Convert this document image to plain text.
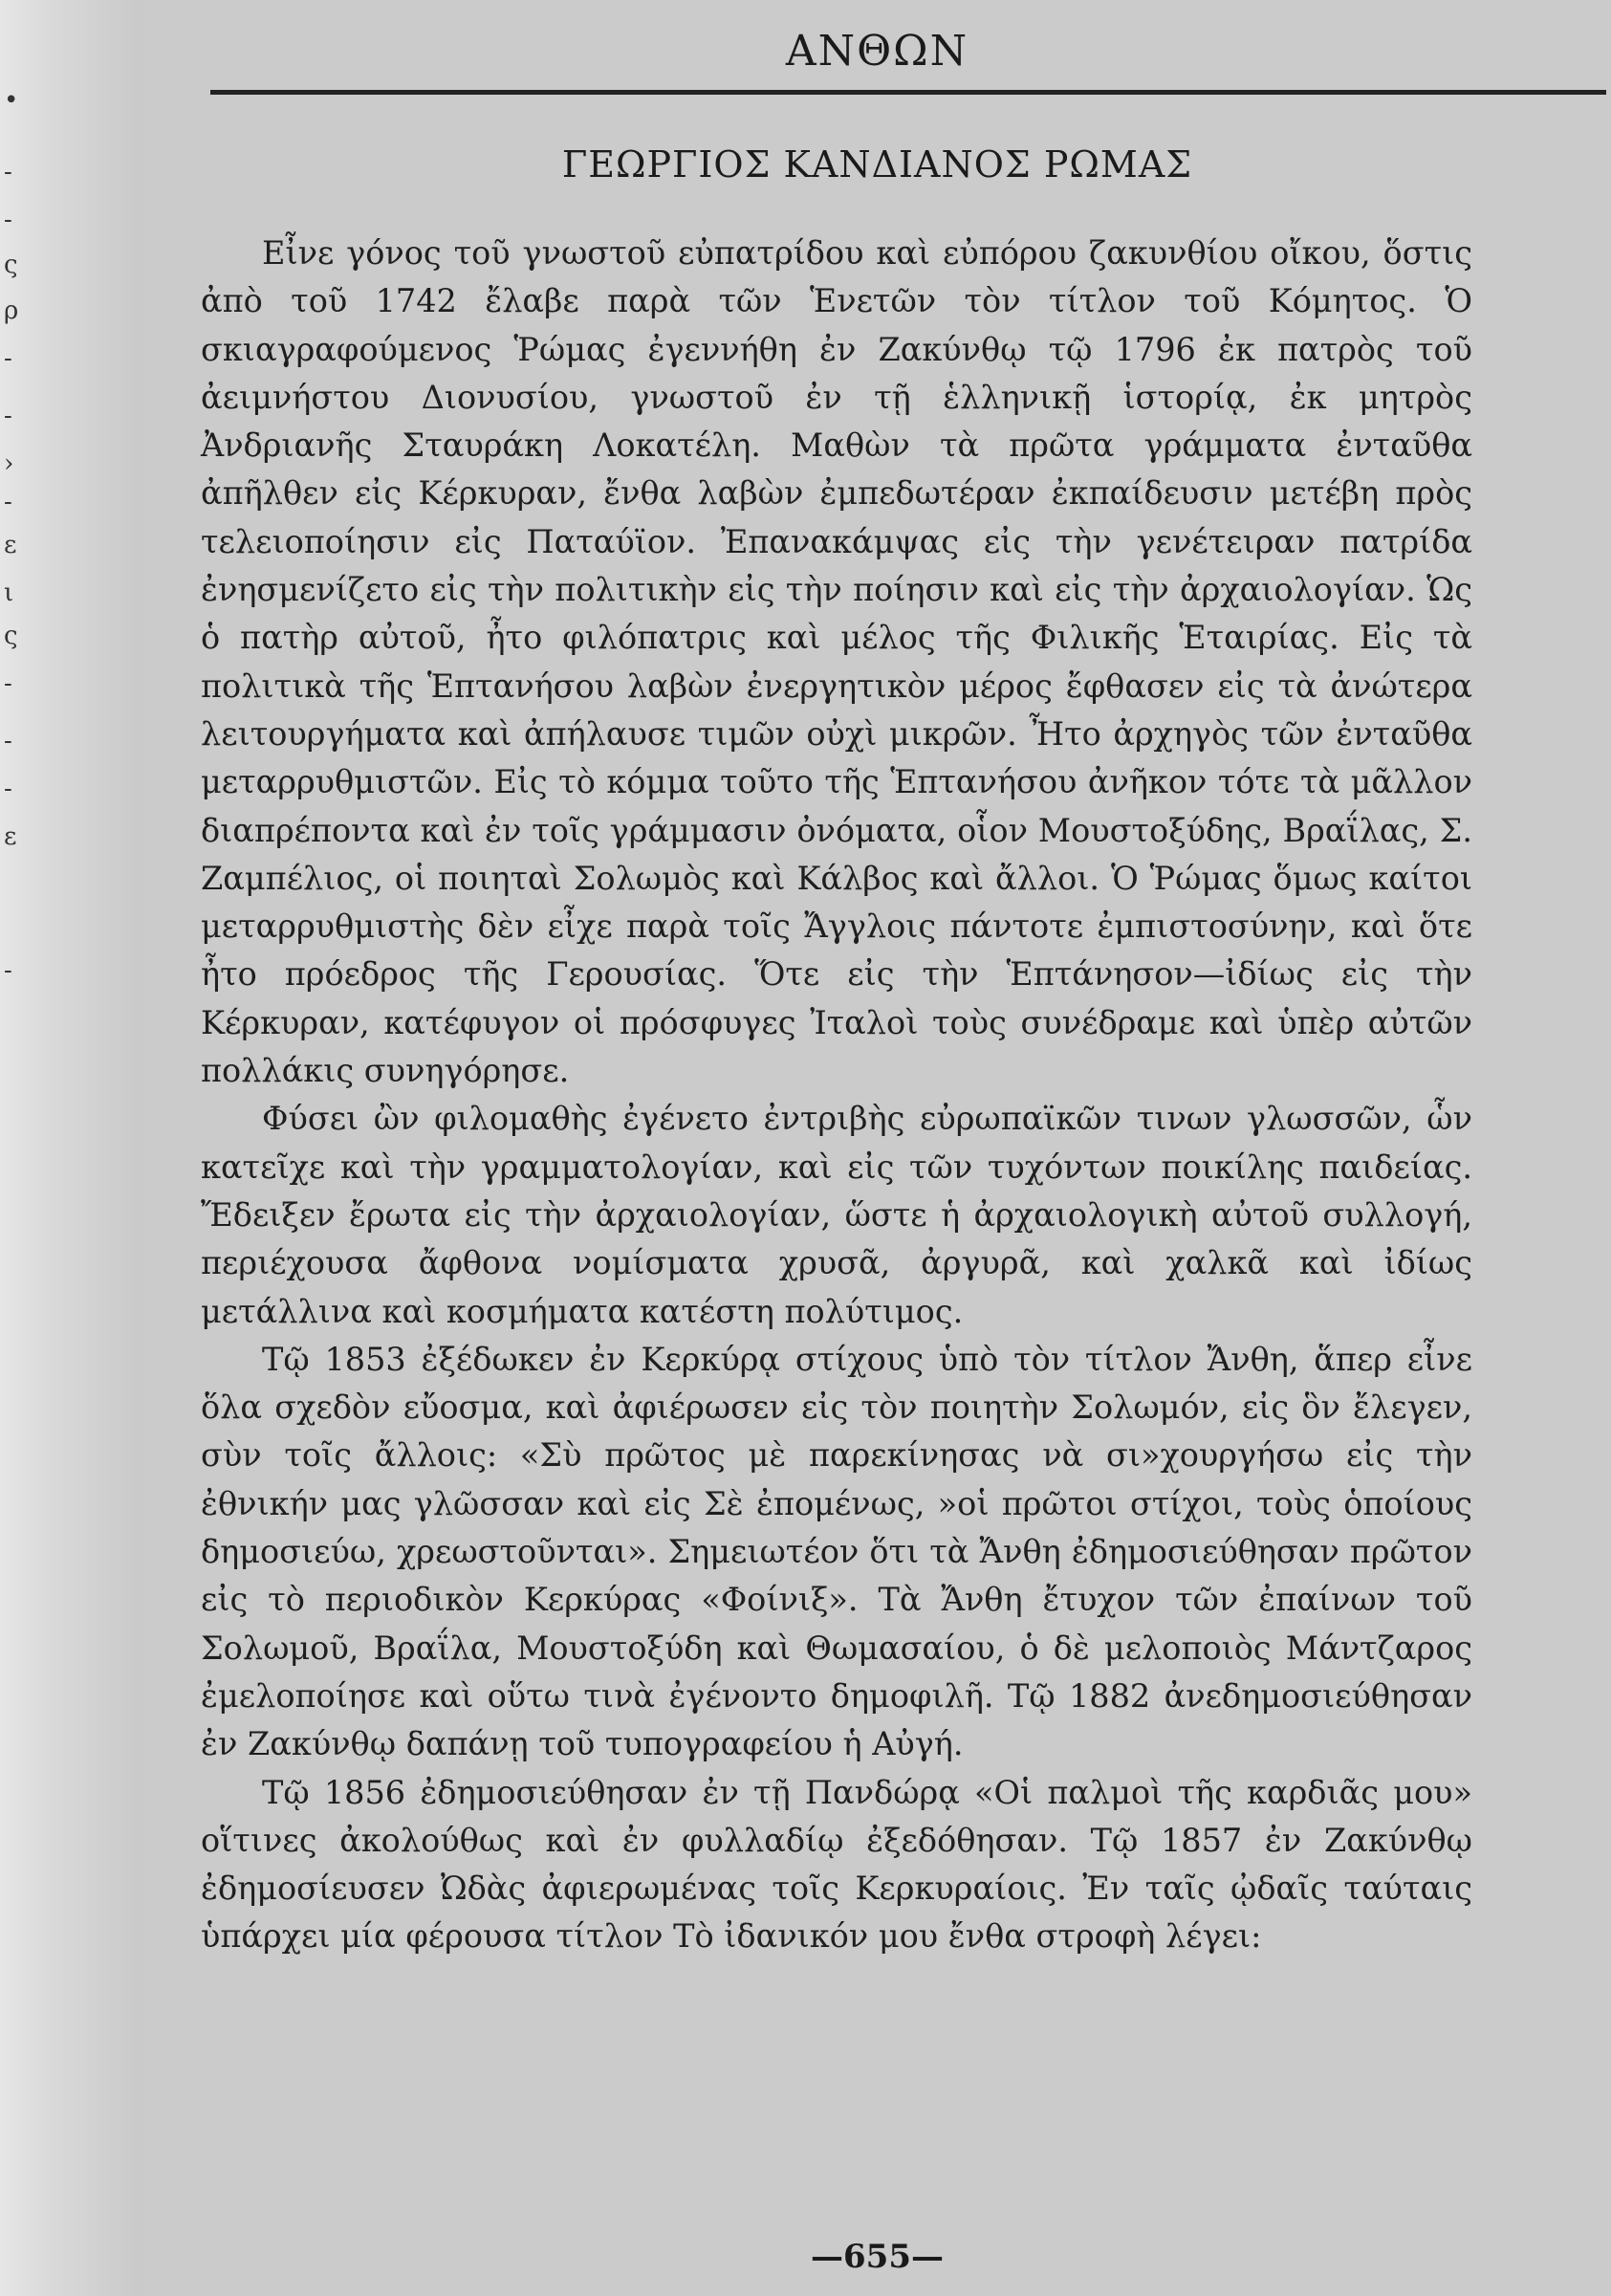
•
-
-
ς
ρ
-
-
›
-
ε
ι
ς
-
-
-
ε
-
ΑΝΘΩΝ
ΓΕΩΡΓΙΟΣ ΚΑΝΔΙΑΝΟΣ ΡΩΜΑΣ

Εἶνε γόνος τοῦ γνωστοῦ εὐπατρίδου καὶ εὐπόρου ζακυνθίου οἴκου, ὅστις ἀπὸ τοῦ 1742 ἔλαβε παρὰ τῶν Ἑνετῶν τὸν τίτλον τοῦ Κόμητος. Ὁ σκιαγραφούμενος Ῥώμας ἐγεννήθη ἐν Ζακύνθῳ τῷ 1796 ἐκ πατρὸς τοῦ ἀειμνήστου Διονυσίου, γνωστοῦ ἐν τῇ ἑλληνικῇ ἱστορίᾳ, ἐκ μητρὸς Ἀνδριανῆς Σταυράκη Λοκατέλη. Μαθὼν τὰ πρῶτα γράμματα ἐνταῦθα ἀπῆλθεν εἰς Κέρκυραν, ἔνθα λαβὼν ἐμπεδωτέραν ἐκπαίδευσιν μετέβη πρὸς τελειοποίησιν εἰς Παταύϊον. Ἐπανακάμψας εἰς τὴν γενέτειραν πατρίδα ἐνησμενίζετο εἰς τὴν πολιτικὴν εἰς τὴν ποίησιν καὶ εἰς τὴν ἀρχαιολογίαν. Ὡς ὁ πατὴρ αὐτοῦ, ἦτο φιλόπατρις καὶ μέλος τῆς Φιλικῆς Ἑταιρίας. Εἰς τὰ πολιτικὰ τῆς Ἑπτανήσου λαβὼν ἐνεργητικὸν μέρος ἔφθασεν εἰς τὰ ἀνώτερα λειτουργήματα καὶ ἀπήλαυσε τιμῶν οὐχὶ μικρῶν. Ἦτο ἀρχηγὸς τῶν ἐνταῦθα μεταρρυθμιστῶν. Εἰς τὸ κόμμα τοῦτο τῆς Ἑπτανήσου ἀνῆκον τότε τὰ μᾶλλον διαπρέποντα καὶ ἐν τοῖς γράμμασιν ὀνόματα, οἷον Μουστοξύδης, Βραΐλας, Σ. Ζαμπέλιος, οἱ ποιηταὶ Σολωμὸς καὶ Κάλβος καὶ ἄλλοι. Ὁ Ῥώμας ὅμως καίτοι μεταρρυθμιστὴς δὲν εἶχε παρὰ τοῖς Ἄγγλοις πάντοτε ἐμπιστοσύνην, καὶ ὅτε ἦτο πρόεδρος τῆς Γερουσίας. Ὅτε εἰς τὴν Ἑπτάνησον—ἰδίως εἰς τὴν Κέρκυραν, κατέφυγον οἱ πρόσφυγες Ἰταλοὶ τοὺς συνέδραμε καὶ ὑπὲρ αὐτῶν πολλάκις συνηγόρησε.

Φύσει ὢν φιλομαθὴς ἐγένετο ἐντριβὴς εὐρωπαϊκῶν τινων γλωσσῶν, ὧν κατεῖχε καὶ τὴν γραμματολογίαν, καὶ εἰς τῶν τυχόντων ποικίλης παιδείας. Ἔδειξεν ἔρωτα εἰς τὴν ἀρχαιολογίαν, ὥστε ἡ ἀρχαιολογικὴ αὐτοῦ συλλογή, περιέχουσα ἄφθονα νομίσματα χρυσᾶ, ἀργυρᾶ, καὶ χαλκᾶ καὶ ἰδίως μετάλλινα καὶ κοσμήματα κατέστη πολύτιμος.

Τῷ 1853 ἐξέδωκεν ἐν Κερκύρᾳ στίχους ὑπὸ τὸν τίτλον Ἄνθη, ἅπερ εἶνε ὅλα σχεδὸν εὔοσμα, καὶ ἀφιέρωσεν εἰς τὸν ποιητὴν Σολωμόν, εἰς ὃν ἔλεγεν, σὺν τοῖς ἄλλοις: «Σὺ πρῶτος μὲ παρεκίνησας νὰ σι»χουργήσω εἰς τὴν ἐθνικήν μας γλῶσσαν καὶ εἰς Σὲ ἐπομένως, »οἱ πρῶτοι στίχοι, τοὺς ὁποίους δημοσιεύω, χρεωστοῦνται». Σημειωτέον ὅτι τὰ Ἄνθη ἐδημοσιεύθησαν πρῶτον εἰς τὸ περιοδικὸν Κερκύρας «Φοίνιξ». Τὰ Ἄνθη ἔτυχον τῶν ἐπαίνων τοῦ Σολωμοῦ, Βραΐλα, Μουστοξύδη καὶ Θωμασαίου, ὁ δὲ μελοποιὸς Μάντζαρος ἐμελοποίησε καὶ οὕτω τινὰ ἐγένοντο δημοφιλῆ. Τῷ 1882 ἀνεδημοσιεύθησαν ἐν Ζακύνθῳ δαπάνῃ τοῦ τυπογραφείου ἡ Αὐγή.

Τῷ 1856 ἐδημοσιεύθησαν ἐν τῇ Πανδώρᾳ «Οἱ παλμοὶ τῆς καρδιᾶς μου» οἵτινες ἀκολούθως καὶ ἐν φυλλαδίῳ ἐξεδόθησαν. Τῷ 1857 ἐν Ζακύνθῳ ἐδημοσίευσεν Ὠδὰς ἀφιερωμένας τοῖς Κερκυραίοις. Ἐν ταῖς ᾠδαῖς ταύταις ὑπάρχει μία φέρουσα τίτλον Τὸ ἰδανικόν μου ἔνθα στροφὴ λέγει:

—655—
